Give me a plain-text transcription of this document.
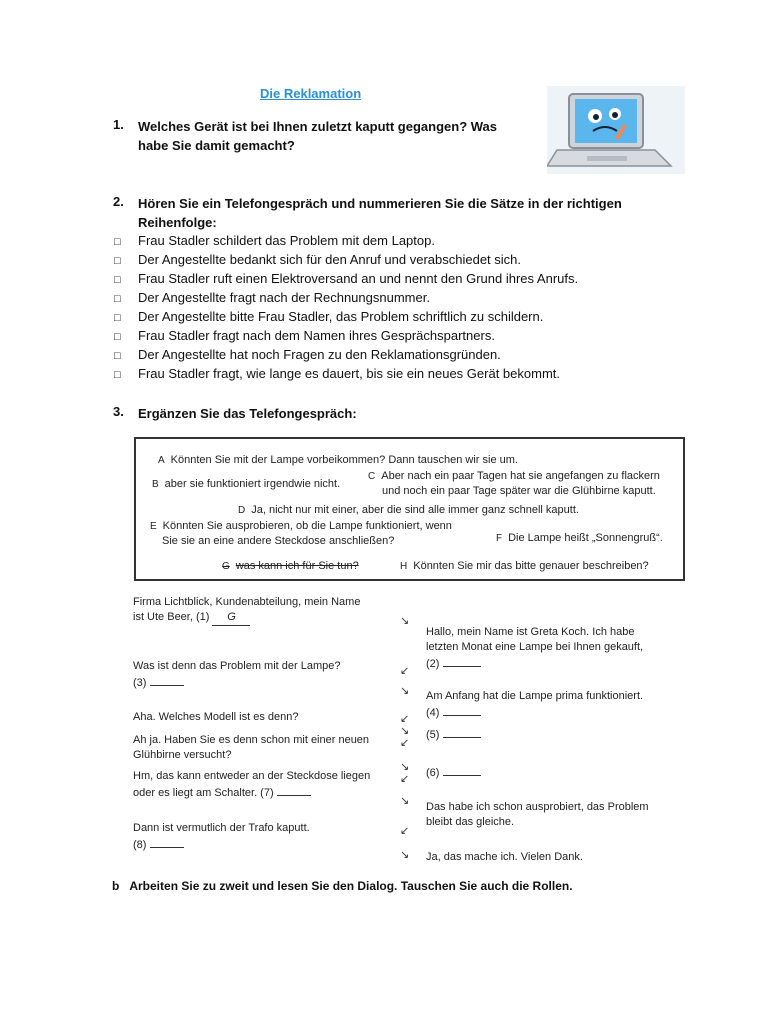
Die Reklamation
1. Welches Gerät ist bei Ihnen zuletzt kaputt gegangen? Was
habe Sie damit gemacht?
2. Hören Sie ein Telefongespräch und nummerieren Sie die Sätze in der richtigen
Reihenfolge:
□ Frau Stadler schildert das Problem mit dem Laptop.
□ Der Angestellte bedankt sich für den Anruf und verabschiedet sich.
□ Frau Stadler ruft einen Elektroversand an und nennt den Grund ihres Anrufs.
□ Der Angestellte fragt nach der Rechnungsnummer.
□ Der Angestellte bitte Frau Stadler, das Problem schriftlich zu schildern.
□ Frau Stadler fragt nach dem Namen ihres Gesprächspartners.
□ Der Angestellte hat noch Fragen zu den Reklamationsgründen.
□ Frau Stadler fragt, wie lange es dauert, bis sie ein neues Gerät bekommt.
3. Ergänzen Sie das Telefongespräch:
A Könnten Sie mit der Lampe vorbeikommen? Dann tauschen wir sie um.
B aber sie funktioniert irgendwie nicht.
C Aber nach ein paar Tagen hat sie angefangen zu flackern
und noch ein paar Tage später war die Glühbirne kaputt.
D Ja, nicht nur mit einer, aber die sind alle immer ganz schnell kaputt.
E Könnten Sie ausprobieren, ob die Lampe funktioniert, wenn
Sie sie an eine andere Steckdose anschließen?	F Die Lampe heißt „Sonnengruß“.
G was kann ich für Sie tun?	H Könnten Sie mir das bitte genauer beschreiben?
Firma Lichtblick, Kundenabteilung, mein Name
ist Ute Beer, (1) G
Was ist denn das Problem mit der Lampe?
(3)
Aha. Welches Modell ist es denn?
Ah ja. Haben Sie es denn schon mit einer neuen
Glühbirne versucht?
Hm, das kann entweder an der Steckdose liegen
oder es liegt am Schalter. (7)
Dann ist vermutlich der Trafo kaputt.
(8)
↘
↙
↘
↙
↘
↙
↘
↙
↘
↙
↘
Hallo, mein Name ist Greta Koch. Ich habe
letzten Monat eine Lampe bei Ihnen gekauft,
(2)
Am Anfang hat die Lampe prima funktioniert.
(4)
(5)
(6)
Das habe ich schon ausprobiert, das Problem
bleibt das gleiche.
Ja, das mache ich. Vielen Dank.
b Arbeiten Sie zu zweit und lesen Sie den Dialog. Tauschen Sie auch die Rollen.
